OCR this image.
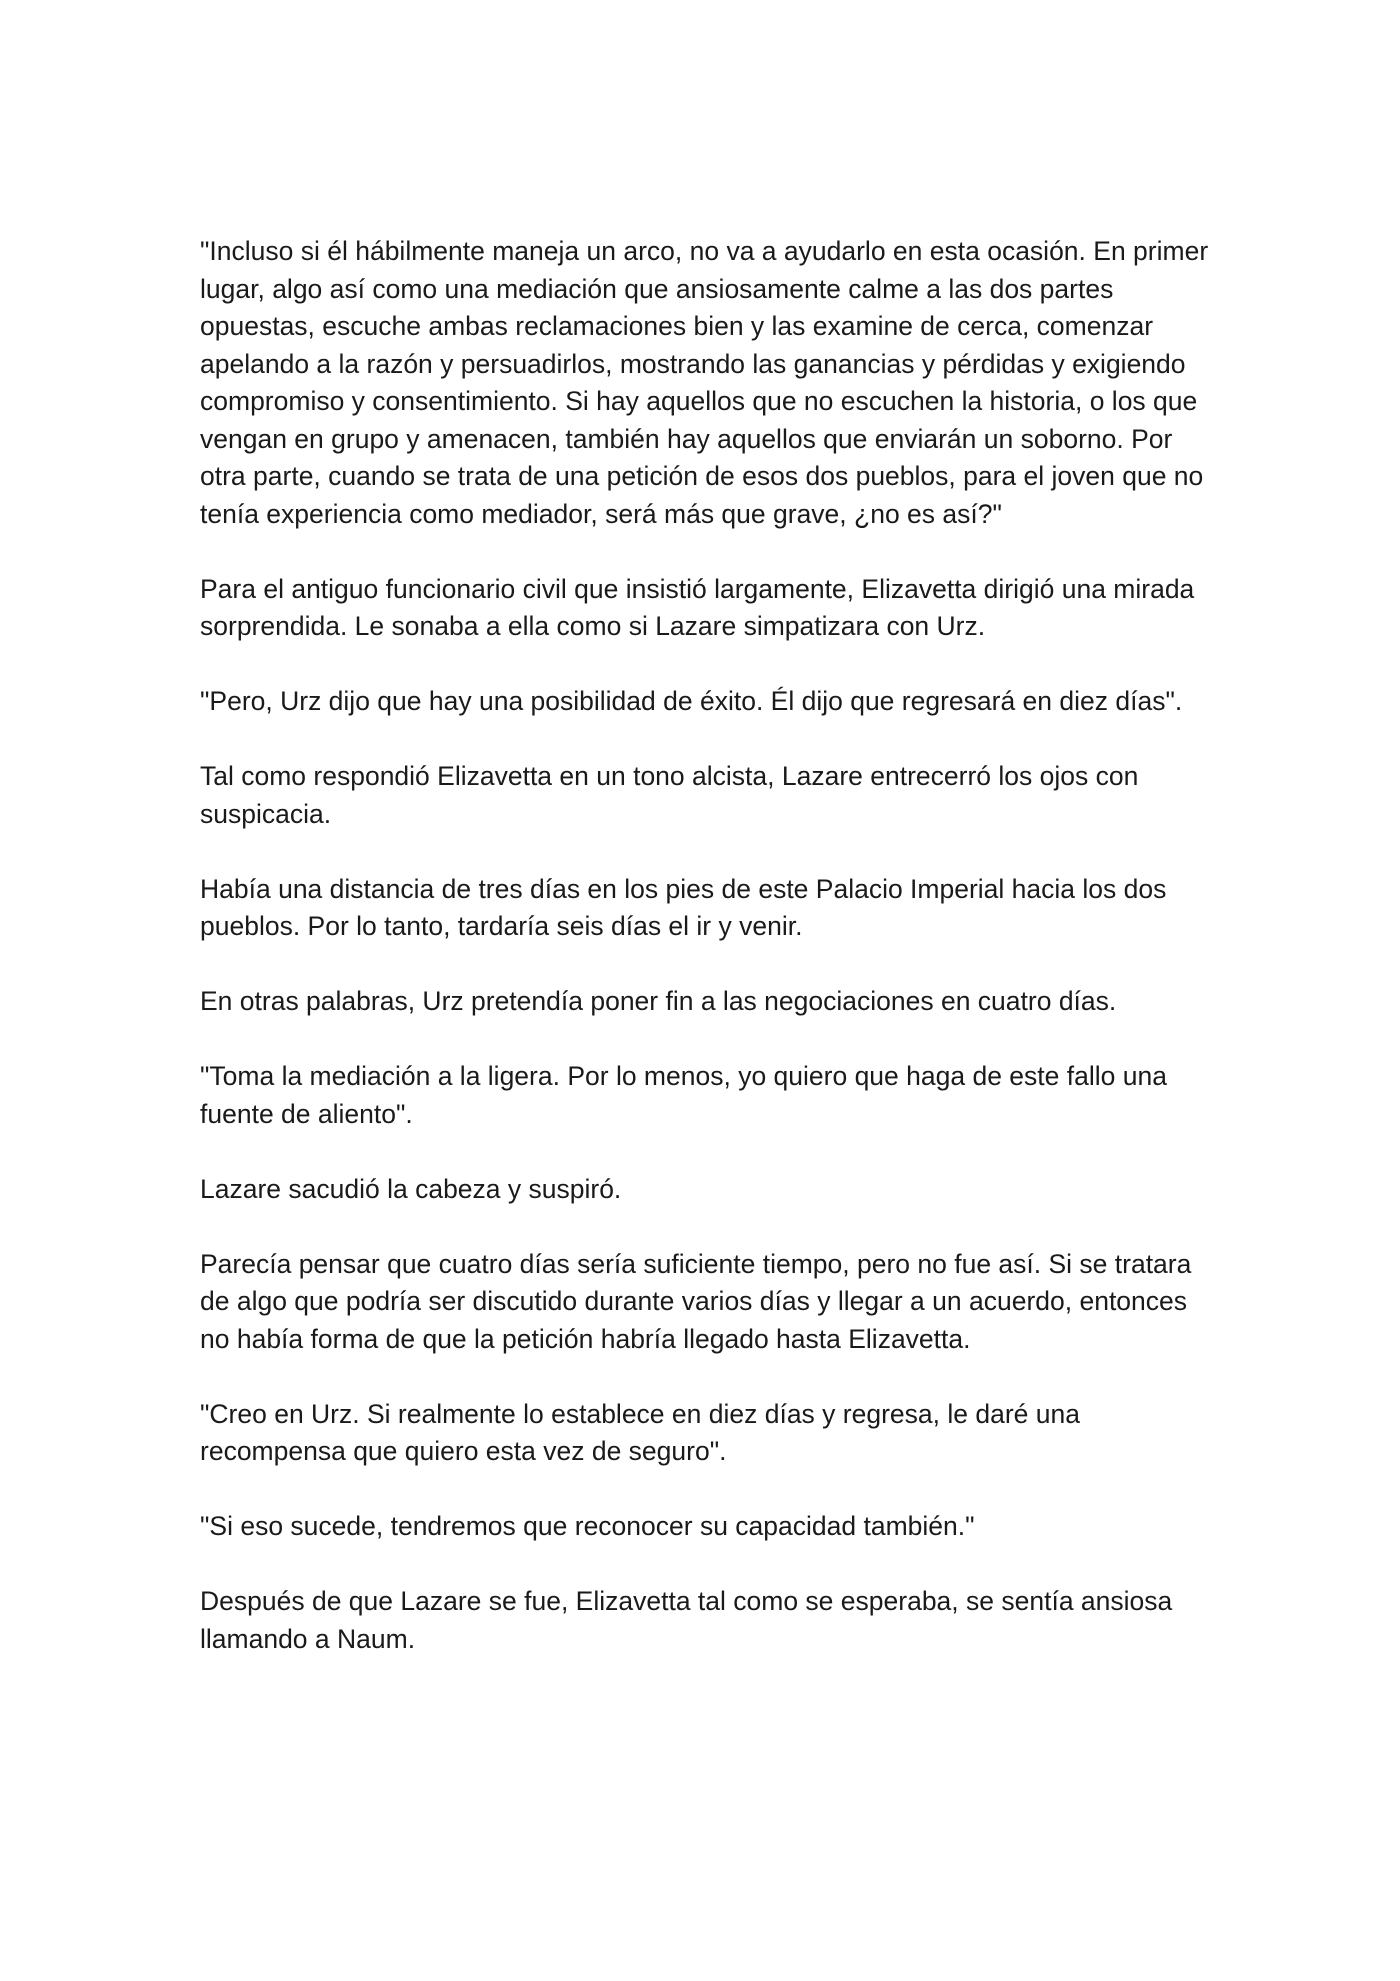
"Incluso si él hábilmente maneja un arco, no va a ayudarlo en esta ocasión. En primer lugar, algo así como una mediación que ansiosamente calme a las dos partes opuestas, escuche ambas reclamaciones bien y las examine de cerca, comenzar apelando a la razón y persuadirlos, mostrando las ganancias y pérdidas y exigiendo compromiso y consentimiento. Si hay aquellos que no escuchen la historia, o los que vengan en grupo y amenacen, también hay aquellos que enviarán un soborno. Por otra parte, cuando se trata de una petición de esos dos pueblos, para el joven que no tenía experiencia como mediador, será más que grave, ¿no es así?"

Para el antiguo funcionario civil que insistió largamente, Elizavetta dirigió una mirada sorprendida. Le sonaba a ella como si Lazare simpatizara con Urz.

"Pero, Urz dijo que hay una posibilidad de éxito. Él dijo que regresará en diez días".

Tal como respondió Elizavetta en un tono alcista, Lazare entrecerró los ojos con suspicacia.

Había una distancia de tres días en los pies de este Palacio Imperial hacia los dos pueblos. Por lo tanto, tardaría seis días el ir y venir.

En otras palabras, Urz pretendía poner fin a las negociaciones en cuatro días.

"Toma la mediación a la ligera. Por lo menos, yo quiero que haga de este fallo una fuente de aliento".

Lazare sacudió la cabeza y suspiró.

Parecía pensar que cuatro días sería suficiente tiempo, pero no fue así. Si se tratara de algo que podría ser discutido durante varios días y llegar a un acuerdo, entonces no había forma de que la petición habría llegado hasta Elizavetta.

"Creo en Urz. Si realmente lo establece en diez días y regresa, le daré una recompensa que quiero esta vez de seguro".

"Si eso sucede, tendremos que reconocer su capacidad también."

Después de que Lazare se fue, Elizavetta tal como se esperaba, se sentía ansiosa llamando a Naum.
